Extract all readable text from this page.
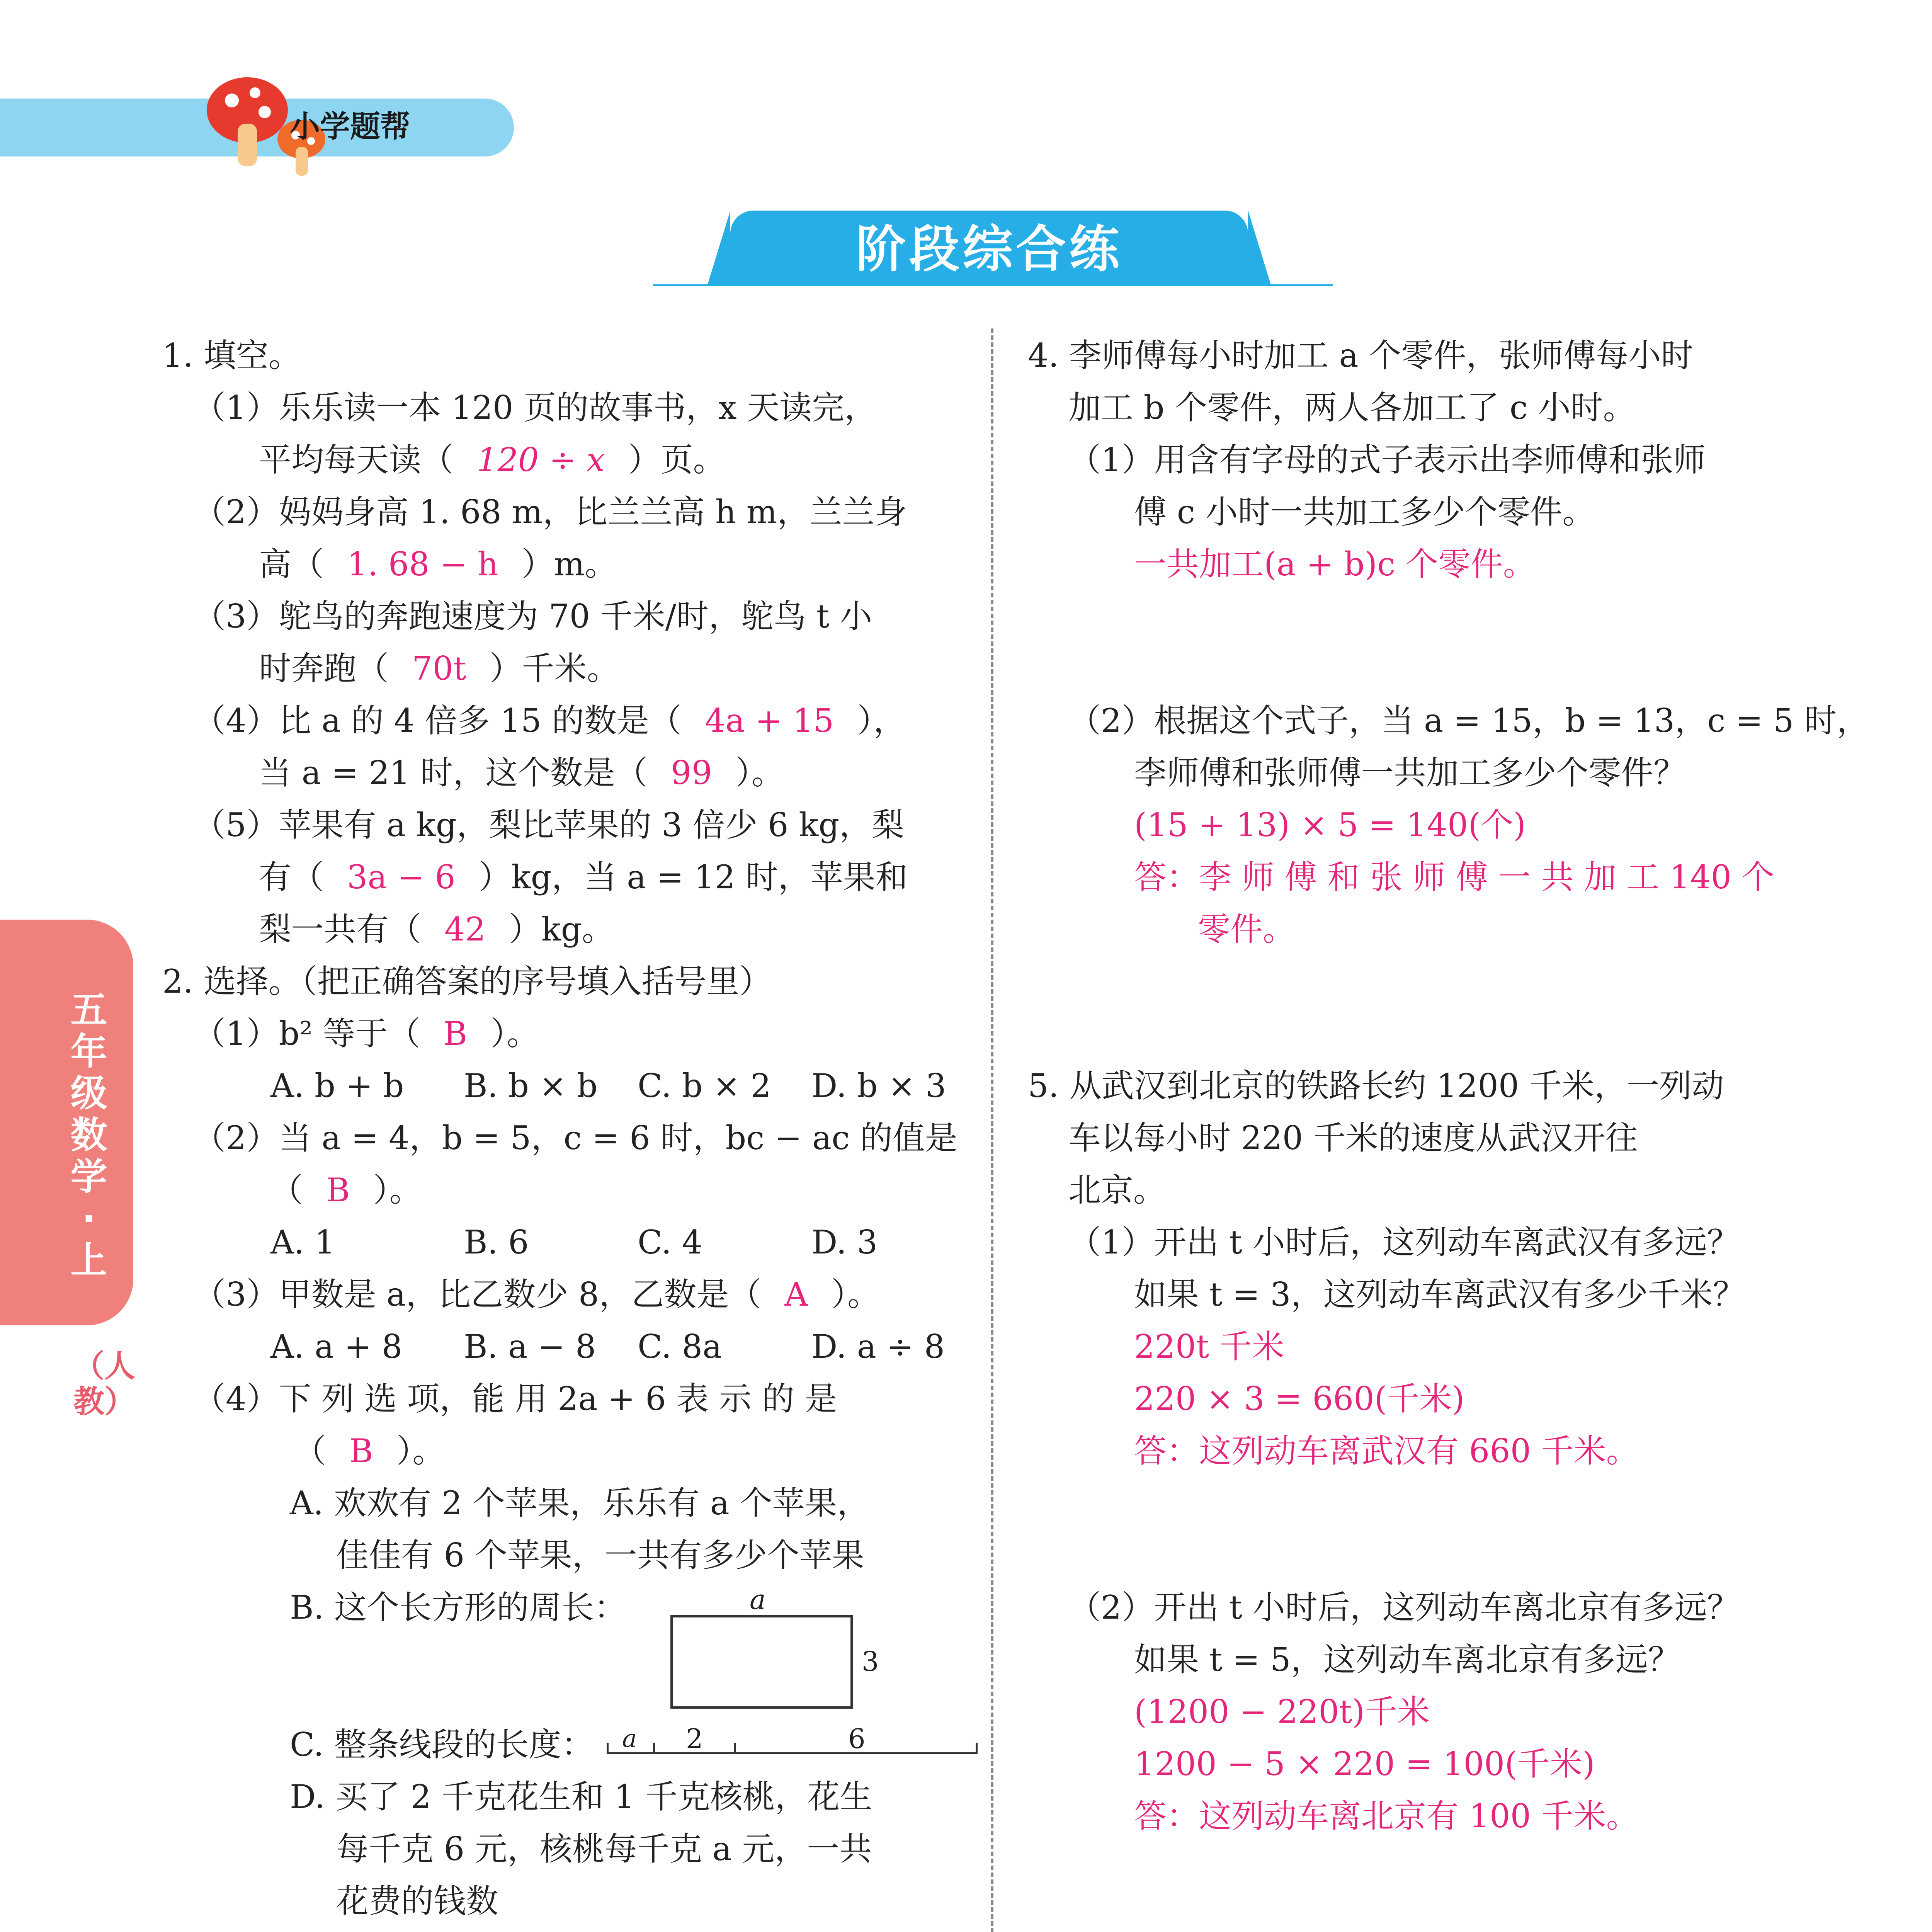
小学题帮
阶段综合练
五年级数学·上
（人教）
1. 填空。
（1）乐乐读一本 120 页的故事书，x 天读完，
平均每天读（ 120 ÷ x ）页。
（2）妈妈身高 1. 68 m，比兰兰高 h m，兰兰身
高（ 1. 68 − h ）m。
（3）鸵鸟的奔跑速度为 70 千米/时，鸵鸟 t 小
时奔跑（ 70t ）千米。
（4）比 a 的 4 倍多 15 的数是（ 4a + 15 ），
当 a = 21 时，这个数是（ 99 ）。
（5）苹果有 a kg，梨比苹果的 3 倍少 6 kg，梨
有（ 3a − 6 ）kg，当 a = 12 时，苹果和
梨一共有（ 42 ）kg。
2. 选择。（把正确答案的序号填入括号里）
（1）b² 等于（ B ）。
A. b + b B. b × b C. b × 2 D. b × 3
（2）当 a = 4，b = 5，c = 6 时，bc − ac 的值是
（ B ）。
A. 1	B. 6	C. 4	D. 3
（3）甲数是 a，比乙数少 8，乙数是（ A ）。
A. a + 8 B. a − 8 C. 8a	D. a ÷ 8
（4）下 列 选 项，能 用 2a + 6 表 示 的 是
（ B ）。
A. 欢欢有 2 个苹果，乐乐有 a 个苹果，
佳佳有 6 个苹果，一共有多少个苹果
B. 这个长方形的周长：	a
3
C. 整条线段的长度： a 2	6
D. 买了 2 千克花生和 1 千克核桃，花生
每千克 6 元，核桃每千克 a 元，一共
花费的钱数
4. 李师傅每小时加工 a 个零件，张师傅每小时
加工 b 个零件，两人各加工了 c 小时。
（1）用含有字母的式子表示出李师傅和张师
傅 c 小时一共加工多少个零件。
一共加工(a + b)c 个零件。
（2）根据这个式子，当 a = 15，b = 13，c = 5 时，
李师傅和张师傅一共加工多少个零件？
(15 + 13) × 5 = 140(个)
答：李 师 傅 和 张 师 傅 一 共 加 工 140 个
零件。
5. 从武汉到北京的铁路长约 1200 千米，一列动
车以每小时 220 千米的速度从武汉开往
北京。
（1）开出 t 小时后，这列动车离武汉有多远？
如果 t = 3，这列动车离武汉有多少千米？
220t 千米
220 × 3 = 660(千米)
答：这列动车离武汉有 660 千米。
（2）开出 t 小时后，这列动车离北京有多远？
如果 t = 5，这列动车离北京有多远？
(1200 − 220t)千米
1200 − 5 × 220 = 100(千米)
答：这列动车离北京有 100 千米。
